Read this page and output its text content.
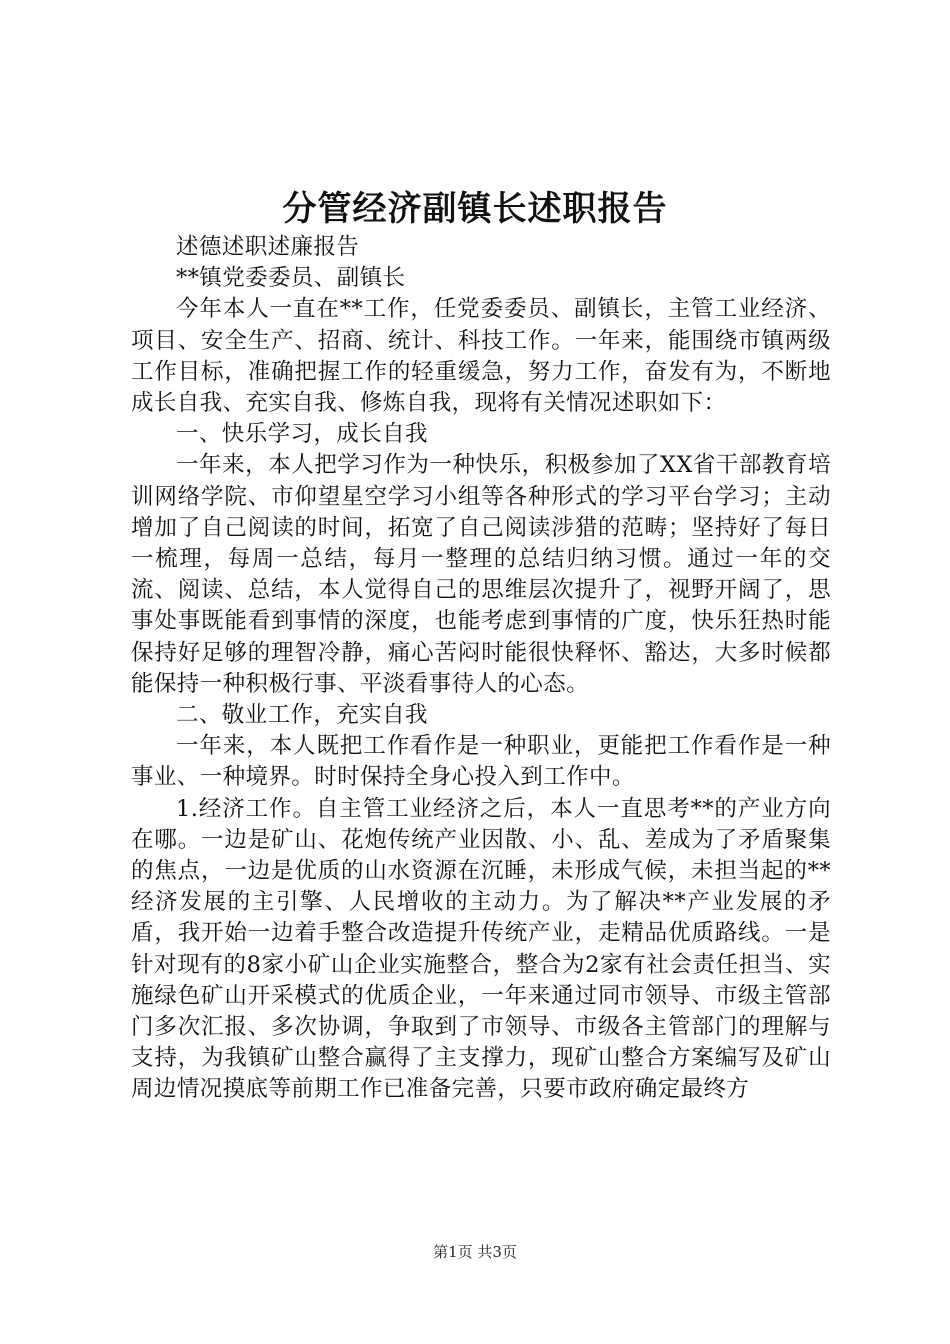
分管经济副镇长述职报告

述德述职述廉报告

**镇党委委员、副镇长

今年本人一直在**工作，任党委委员、副镇长，主管工业经济、项目、安全生产、招商、统计、科技工作。一年来，能围绕市镇两级工作目标，准确把握工作的轻重缓急，努力工作，奋发有为，不断地成长自我、充实自我、修炼自我，现将有关情况述职如下：

一、快乐学习，成长自我

一年来，本人把学习作为一种快乐，积极参加了XX省干部教育培训网络学院、市仰望星空学习小组等各种形式的学习平台学习；主动增加了自己阅读的时间，拓宽了自己阅读涉猎的范畴；坚持好了每日一梳理，每周一总结，每月一整理的总结归纳习惯。通过一年的交流、阅读、总结，本人觉得自己的思维层次提升了，视野开阔了，思事处事既能看到事情的深度，也能考虑到事情的广度，快乐狂热时能保持好足够的理智冷静，痛心苦闷时能很快释怀、豁达，大多时候都能保持一种积极行事、平淡看事待人的心态。

二、敬业工作，充实自我

一年来，本人既把工作看作是一种职业，更能把工作看作是一种事业、一种境界。时时保持全身心投入到工作中。

1.经济工作。自主管工业经济之后，本人一直思考**的产业方向在哪。一边是矿山、花炮传统产业因散、小、乱、差成为了矛盾聚集的焦点，一边是优质的山水资源在沉睡，未形成气候，未担当起的**经济发展的主引擎、人民增收的主动力。为了解决**产业发展的矛盾，我开始一边着手整合改造提升传统产业，走精品优质路线。一是针对现有的8家小矿山企业实施整合，整合为2家有社会责任担当、实施绿色矿山开采模式的优质企业，一年来通过同市领导、市级主管部门多次汇报、多次协调，争取到了市领导、市级各主管部门的理解与支持，为我镇矿山整合赢得了主支撑力，现矿山整合方案编写及矿山周边情况摸底等前期工作已准备完善，只要市政府确定最终方

第1页 共3页
